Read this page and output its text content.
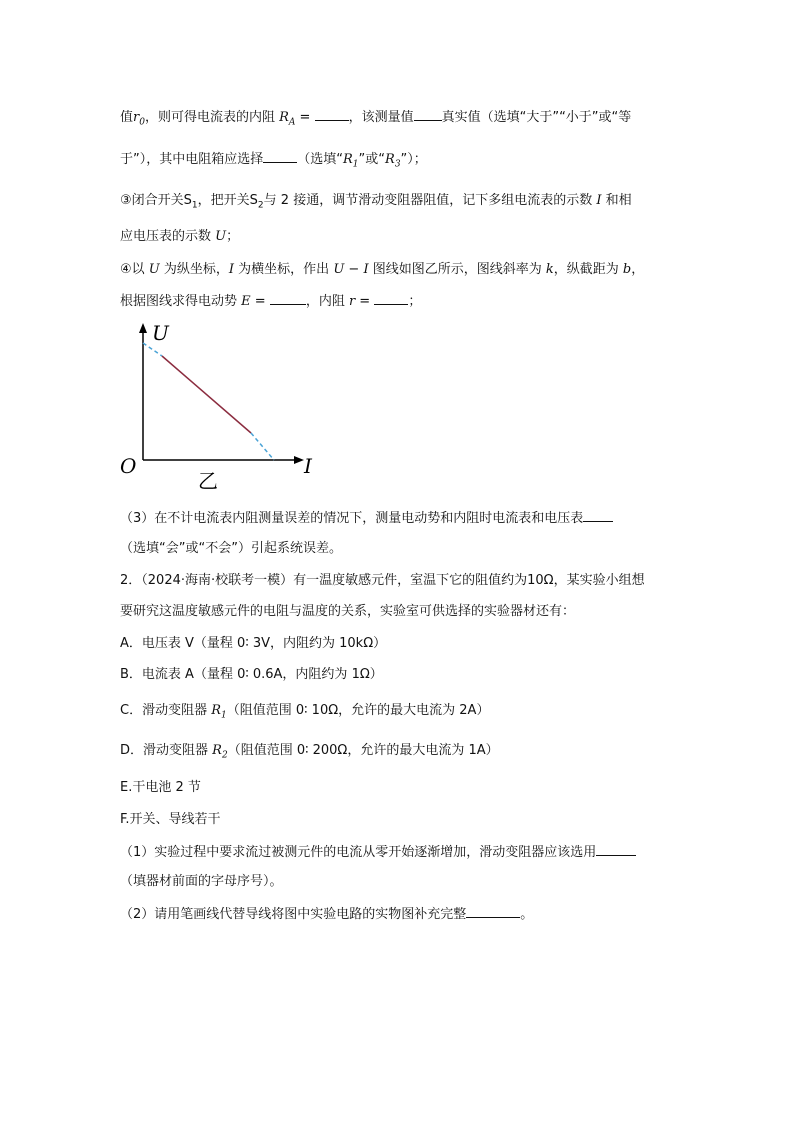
值$r_0$，则可得电流表的内阻 $R_A$ =	，该测量值 真实值（选填“大于”“小于”或“等
于”），其中电阻箱应选择	（选填“$R_1$”或“$R_3$”）；
③闭合开关$S_1$，把开关$S_2$与 2 接通，调节滑动变阻器阻值，记下多组电流表的示数 I 和相
应电压表的示数 U；
④以 U 为纵坐标，I 为横坐标，作出 U − I 图线如图乙所示，图线斜率为 k，纵截距为 b，
根据图线求得电动势 E =	，内阻 r =	；
U
I
O
乙
（3）在不计电流表内阻测量误差的情况下，测量电动势和内阻时电流表和电压表
（选填“会”或“不会”）引起系统误差。
2．（2024·海南·校联考一模）有一温度敏感元件，室温下它的阻值约为10Ω，某实验小组想
要研究这温度敏感元件的电阻与温度的关系，实验室可供选择的实验器材还有：
A．电压表 V（量程 0∶ 3V，内阻约为 10kΩ）
B．电流表 A（量程 0∶ 0.6A，内阻约为 1Ω）
C．滑动变阻器 $R_1$（阻值范围 0∶ 10Ω，允许的最大电流为 2A）
D．滑动变阻器 $R_2$（阻值范围 0∶ 200Ω，允许的最大电流为 1A）
E.干电池 2 节
F.开关、导线若干
（1）实验过程中要求流过被测元件的电流从零开始逐渐增加，滑动变阻器应该选用
（填器材前面的字母序号）。
（2）请用笔画线代替导线将图中实验电路的实物图补充完整	。
